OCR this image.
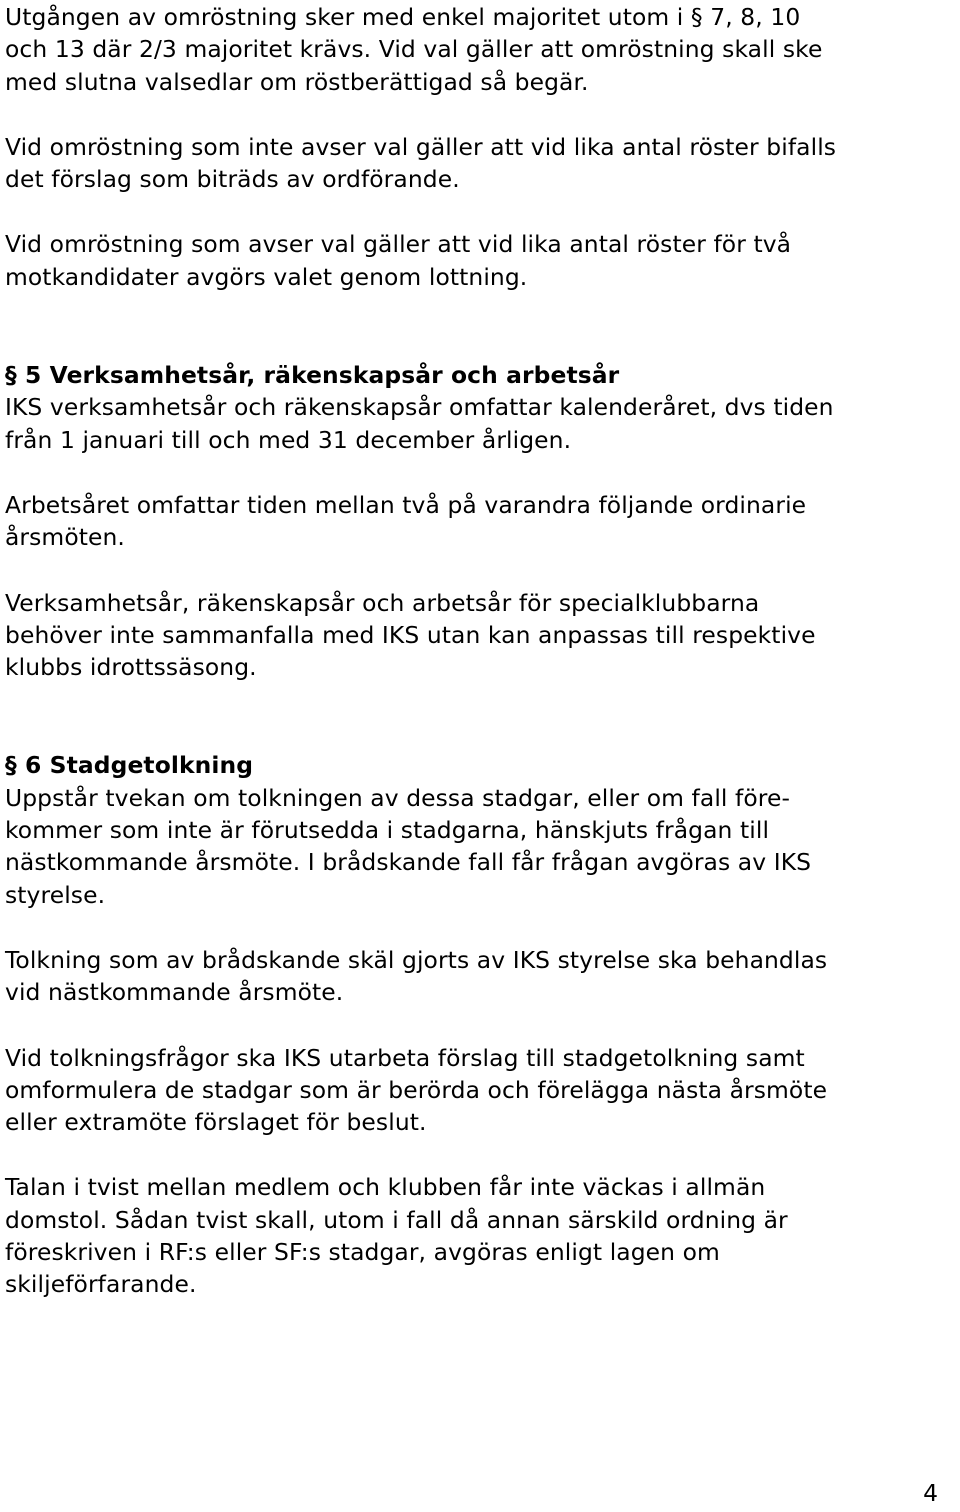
Utgången av omröstning sker med enkel majoritet utom i § 7, 8, 10
och 13 där 2/3 majoritet krävs. Vid val gäller att omröstning skall ske
med slutna valsedlar om röstberättigad så begär.

Vid omröstning som inte avser val gäller att vid lika antal röster bifalls
det förslag som biträds av ordförande.

Vid omröstning som avser val gäller att vid lika antal röster för två
motkandidater avgörs valet genom lottning.

§ 5 Verksamhetsår, räkenskapsår och arbetsår
IKS verksamhetsår och räkenskapsår omfattar kalenderåret, dvs tiden
från 1 januari till och med 31 december årligen.

Arbetsåret omfattar tiden mellan två på varandra följande ordinarie
årsmöten.

Verksamhetsår, räkenskapsår och arbetsår för specialklubbarna
behöver inte sammanfalla med IKS utan kan anpassas till respektive
klubbs idrottssäsong.

§ 6 Stadgetolkning
Uppstår tvekan om tolkningen av dessa stadgar, eller om fall före-
kommer som inte är förutsedda i stadgarna, hänskjuts frågan till
nästkommande årsmöte. I brådskande fall får frågan avgöras av IKS
styrelse.

Tolkning som av brådskande skäl gjorts av IKS styrelse ska behandlas
vid nästkommande årsmöte.

Vid tolkningsfrågor ska IKS utarbeta förslag till stadgetolkning samt
omformulera de stadgar som är berörda och förelägga nästa årsmöte
eller extramöte förslaget för beslut.

Talan i tvist mellan medlem och klubben får inte väckas i allmän
domstol. Sådan tvist skall, utom i fall då annan särskild ordning är
föreskriven i RF:s eller SF:s stadgar, avgöras enligt lagen om
skiljeförfarande.

4
